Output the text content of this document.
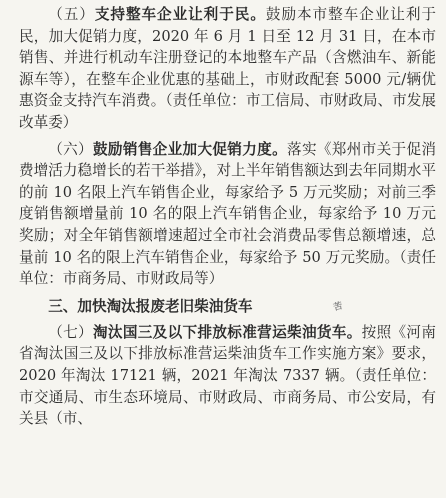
（五）支持整车企业让利于民。鼓励本市整车企业让利于民，加大促销力度，2020 年 6 月 1 日至 12 月 31 日，在本市销售、并进行机动车注册登记的本地整车产品（含燃油车、新能源车等），在整车企业优惠的基础上，市财政配套 5000 元/辆优惠资金支持汽车消费。（责任单位：市工信局、市财政局、市发展改革委）

（六）鼓励销售企业加大促销力度。落实《郑州市关于促消费增活力稳增长的若干举措》，对上半年销售额达到去年同期水平的前 10 名限上汽车销售企业，每家给予 5 万元奖励；对前三季度销售额增量前 10 名的限上汽车销售企业，每家给予 10 万元奖励；对全年销售额增速超过全市社会消费品零售总额增速，总量前 10 名的限上汽车销售企业，每家给予 50 万元奖励。（责任单位：市商务局、市财政局等）

三、加快淘汰报废老旧柴油货车	苦

（七）淘汰国三及以下排放标准营运柴油货车。按照《河南省淘汰国三及以下排放标准营运柴油货车工作实施方案》要求，2020 年淘汰 17121 辆，2021 年淘汰 7337 辆。（责任单位：市交通局、市生态环境局、市财政局、市商务局、市公安局，有关县（市、
